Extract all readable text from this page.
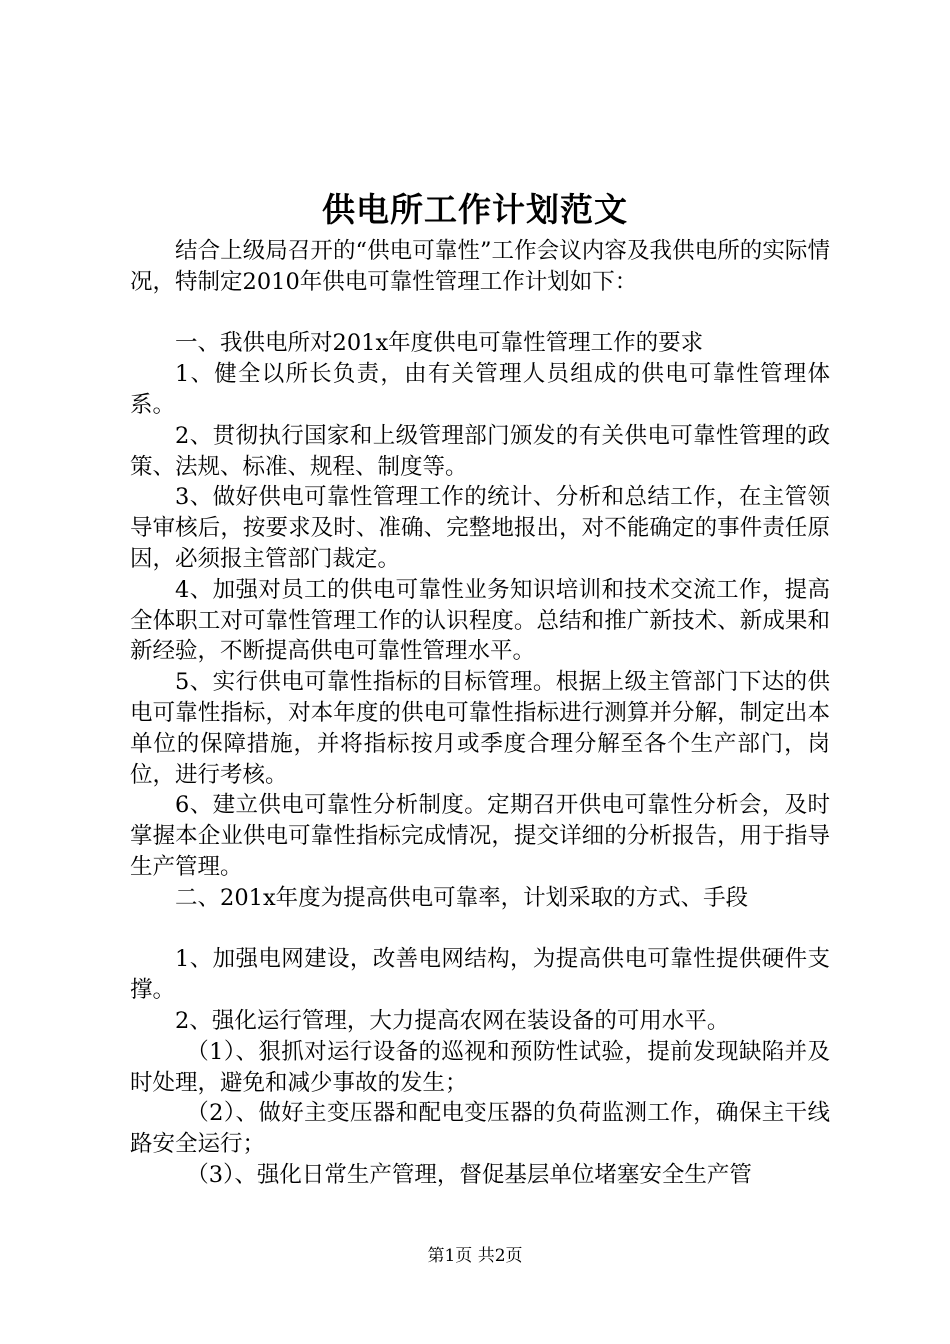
供电所工作计划范文

结合上级局召开的“供电可靠性”工作会议内容及我供电所的实际情况，特制定2010年供电可靠性管理工作计划如下：

一、我供电所对201x年度供电可靠性管理工作的要求

1、健全以所长负责，由有关管理人员组成的供电可靠性管理体系。

2、贯彻执行国家和上级管理部门颁发的有关供电可靠性管理的政策、法规、标准、规程、制度等。

3、做好供电可靠性管理工作的统计、分析和总结工作，在主管领导审核后，按要求及时、准确、完整地报出，对不能确定的事件责任原因，必须报主管部门裁定。

4、加强对员工的供电可靠性业务知识培训和技术交流工作，提高全体职工对可靠性管理工作的认识程度。总结和推广新技术、新成果和新经验，不断提高供电可靠性管理水平。

5、实行供电可靠性指标的目标管理。根据上级主管部门下达的供电可靠性指标，对本年度的供电可靠性指标进行测算并分解，制定出本单位的保障措施，并将指标按月或季度合理分解至各个生产部门，岗位，进行考核。

6、建立供电可靠性分析制度。定期召开供电可靠性分析会，及时掌握本企业供电可靠性指标完成情况，提交详细的分析报告，用于指导生产管理。

二、201x年度为提高供电可靠率，计划采取的方式、手段

1、加强电网建设，改善电网结构，为提高供电可靠性提供硬件支撑。

2、强化运行管理，大力提高农网在装设备的可用水平。

（1）、狠抓对运行设备的巡视和预防性试验，提前发现缺陷并及时处理，避免和减少事故的发生；

（2）、做好主变压器和配电变压器的负荷监测工作，确保主干线路安全运行；

（3）、强化日常生产管理，督促基层单位堵塞安全生产管

第1页 共2页
